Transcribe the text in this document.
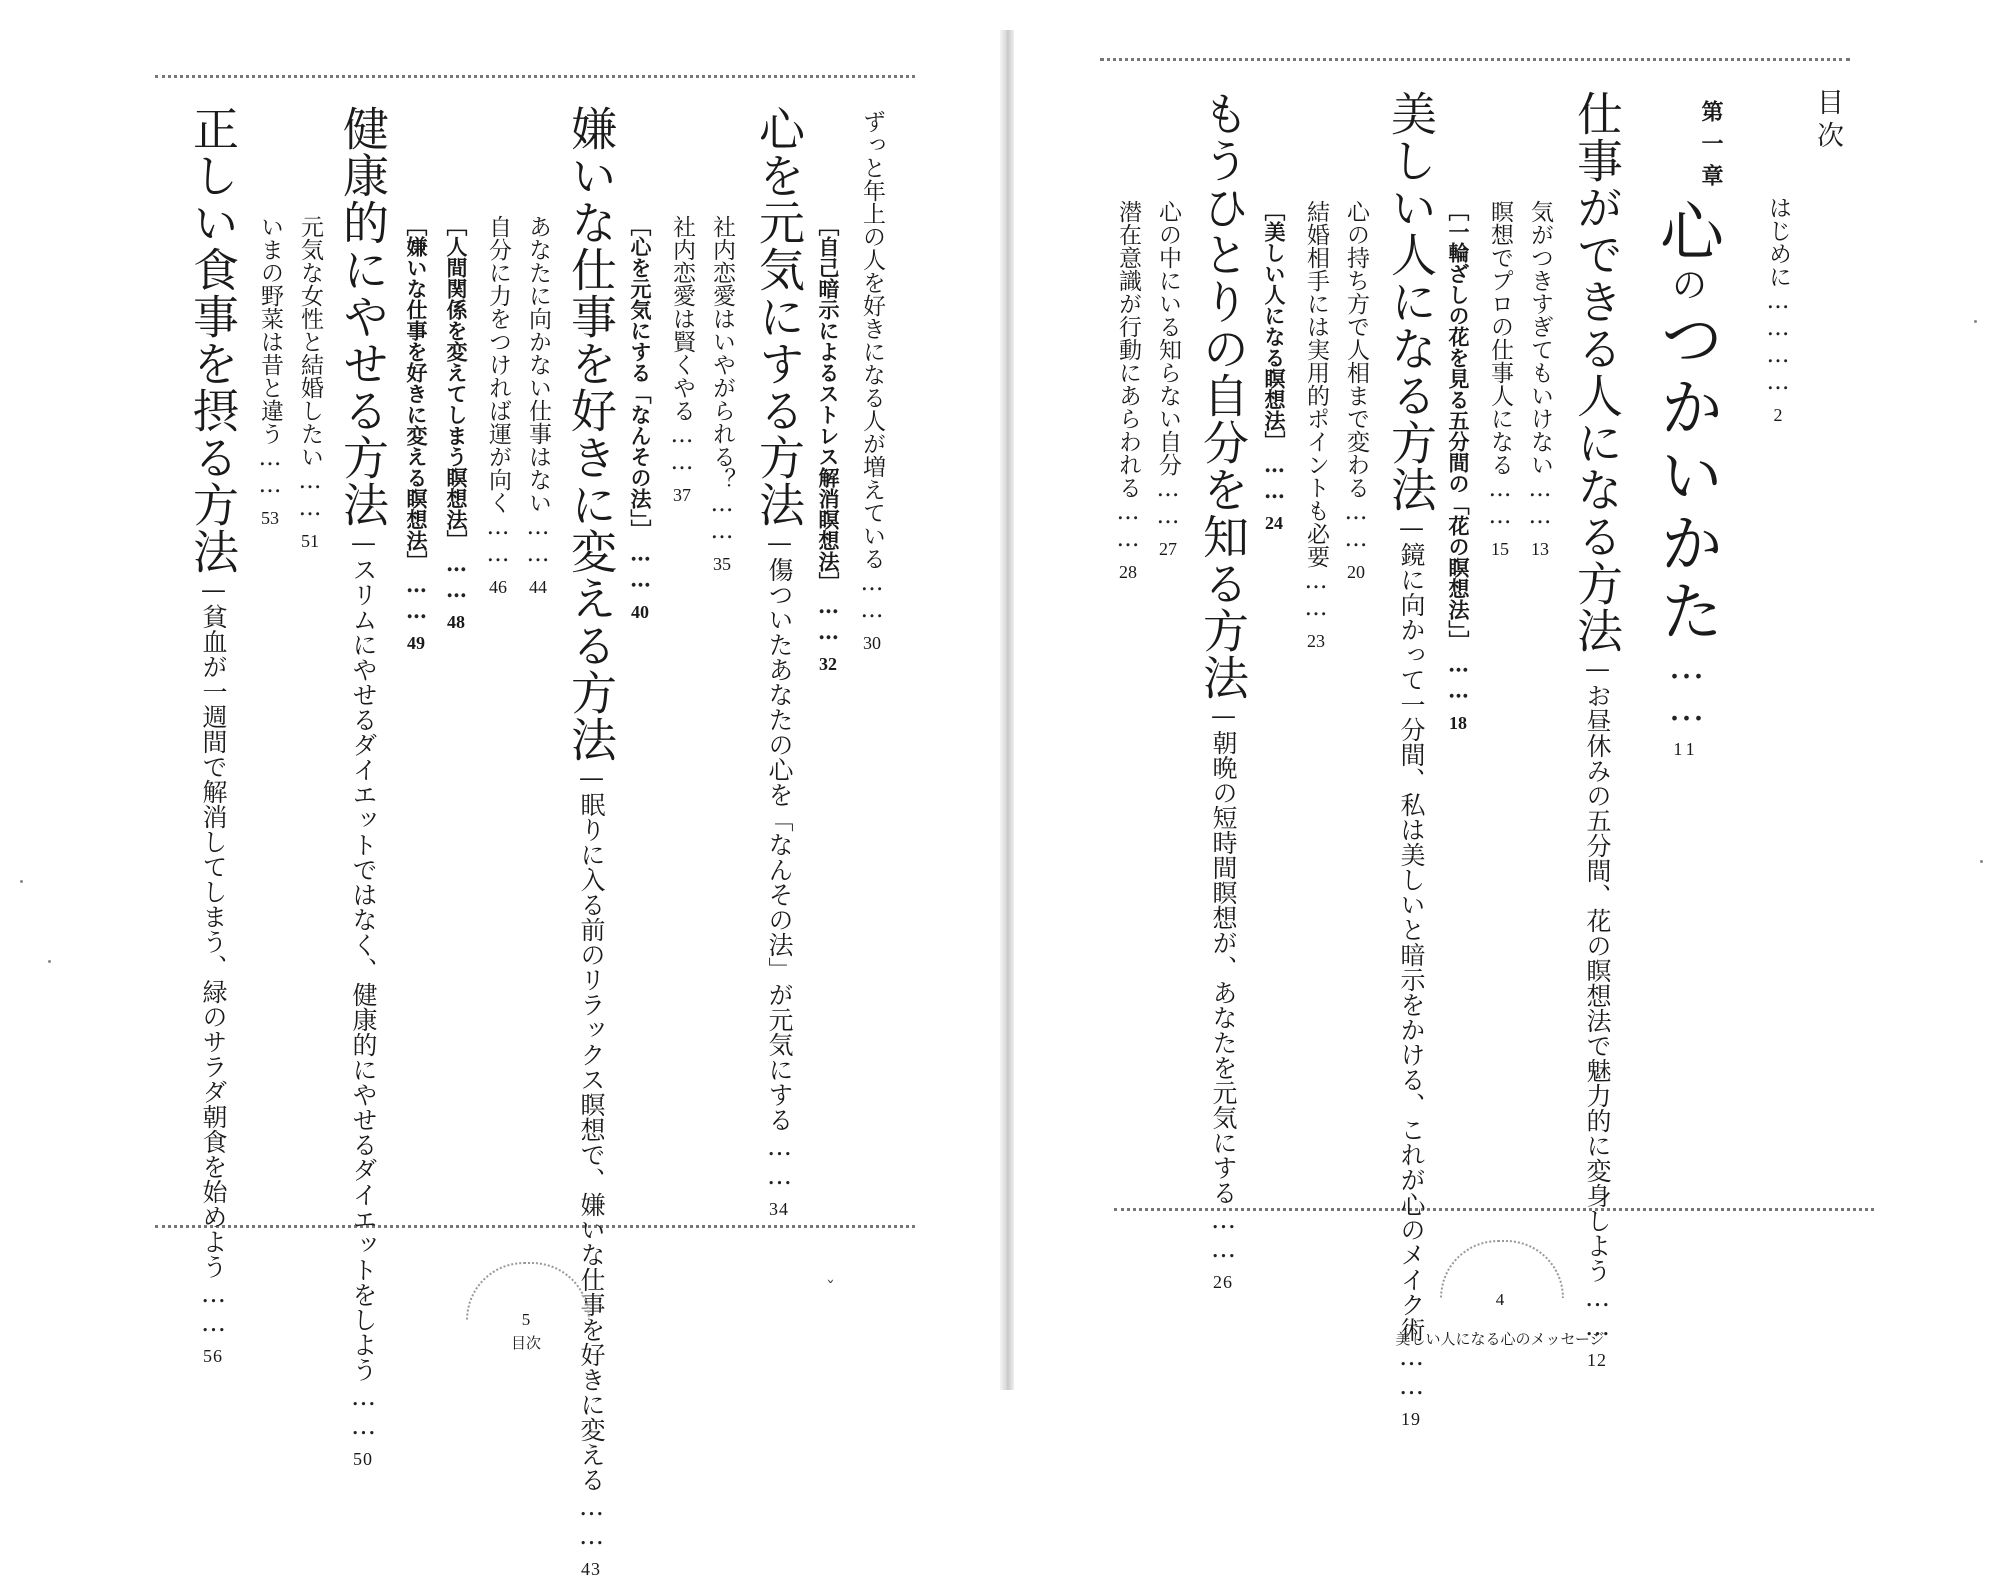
ずっと年上の人を好きになる人が増えている……30
［自己暗示によるストレス解消瞑想法］……32
心を元気にする方法—傷ついたあなたの心を「なんその法」が元気にする……34
社内恋愛はいやがられる？……35
社内恋愛は賢くやる……37
［心を元気にする「なんその法」］……40
嫌いな仕事を好きに変える方法—眠りに入る前のリラックス瞑想で、嫌いな仕事を好きに変える……43
あなたに向かない仕事はない……44
自分に力をつければ運が向く……46
［人間関係を変えてしまう瞑想法］……48
［嫌いな仕事を好きに変える瞑想法］……49
健康的にやせる方法—スリムにやせるダイエットではなく、健康的にやせるダイエットをしよう……50
元気な女性と結婚したい……51
いまの野菜は昔と違う……53
正しい食事を摂る方法—貧血が一週間で解消してしまう、緑のサラダ朝食を始めよう……56
5
目次
ˇ
目次
はじめに…………2
第一章
心のつかいかた……11
仕事ができる人になる方法—お昼休みの五分間、花の瞑想法で魅力的に変身しよう……12
気がつきすぎてもいけない……13
瞑想でプロの仕事人になる……15
［一輪ざしの花を見る五分間の「花の瞑想法」］……18
美しい人になる方法—鏡に向かって一分間、私は美しいと暗示をかける、これが心のメイク術……19
心の持ち方で人相まで変わる……20
結婚相手には実用的ポイントも必要……23
［美しい人になる瞑想法］……24
もうひとりの自分を知る方法—朝晩の短時間瞑想が、あなたを元気にする……26
心の中にいる知らない自分……27
潜在意識が行動にあらわれる……28
4
美しい人になる心のメッセージ
